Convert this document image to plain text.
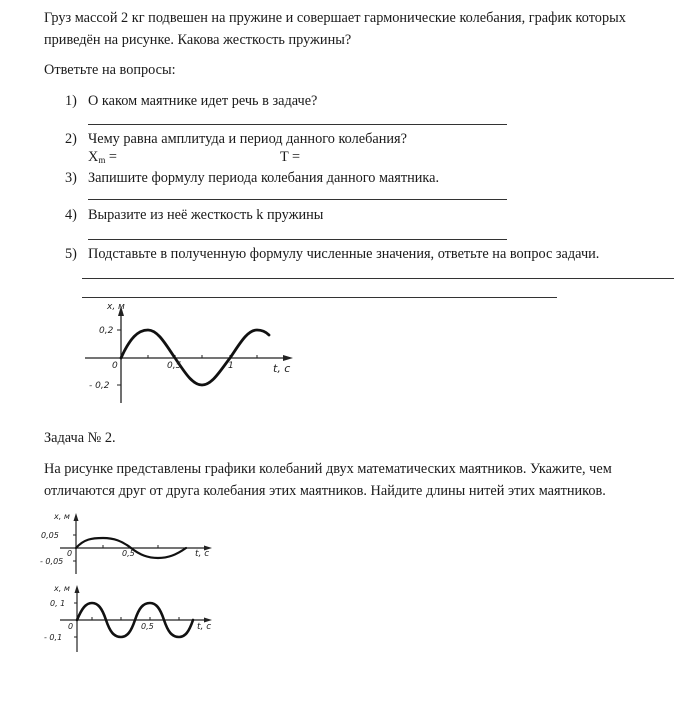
Груз массой 2 кг подвешен на пружине и совершает гармонические колебания, график которых
приведён на рисунке. Какова жесткость пружины?
Ответьте на вопросы:
1) О каком маятнике идет речь в задаче?
2) Чему равна амплитуда и период данного колебания?
$X_m$ =	T =
3) Запишите формулу периода колебания данного маятника.
4) Выразите из неё жесткость k пружины
5) Подставьте в полученную формулу численные значения, ответьте на вопрос задачи.
x, м
0,2
- 0,2
0	0,5	1	t, c
Задача № 2.
На рисунке представлены графики колебаний двух математических маятников. Укажите, чем
отличаются друг от друга колебания этих маятников. Найдите длины нитей этих маятников.
x, м
0,05
- 0,05
0	0,5	t, c
x, м
0, 1
- 0,1
0	0,5	t, c
